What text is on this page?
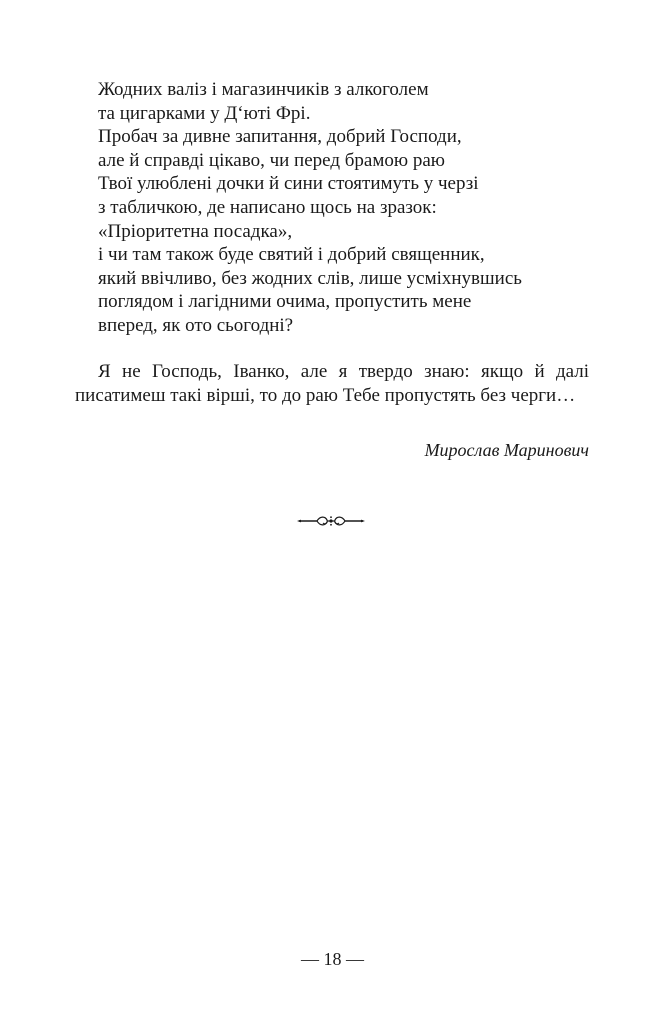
Жодних валіз і магазинчиків з алкоголем
та цигарками у Д‘юті Фрі.
Пробач за дивне запитання, добрий Господи,
але й справді цікаво, чи перед брамою раю
Твої улюблені дочки й сини стоятимуть у черзі
з табличкою, де написано щось на зразок:
«Пріоритетна посадка»,
і чи там також буде святий і добрий священник,
який ввічливо, без жодних слів, лише усміхнувшись
поглядом і лагідними очима, пропустить мене
вперед, як ото сьогодні?

Я не Господь, Іванко, але я твердо знаю: якщо й далі писатимеш такі вірші, то до раю Тебе пропустять без черги…

Мирослав Маринович
— 18 —
